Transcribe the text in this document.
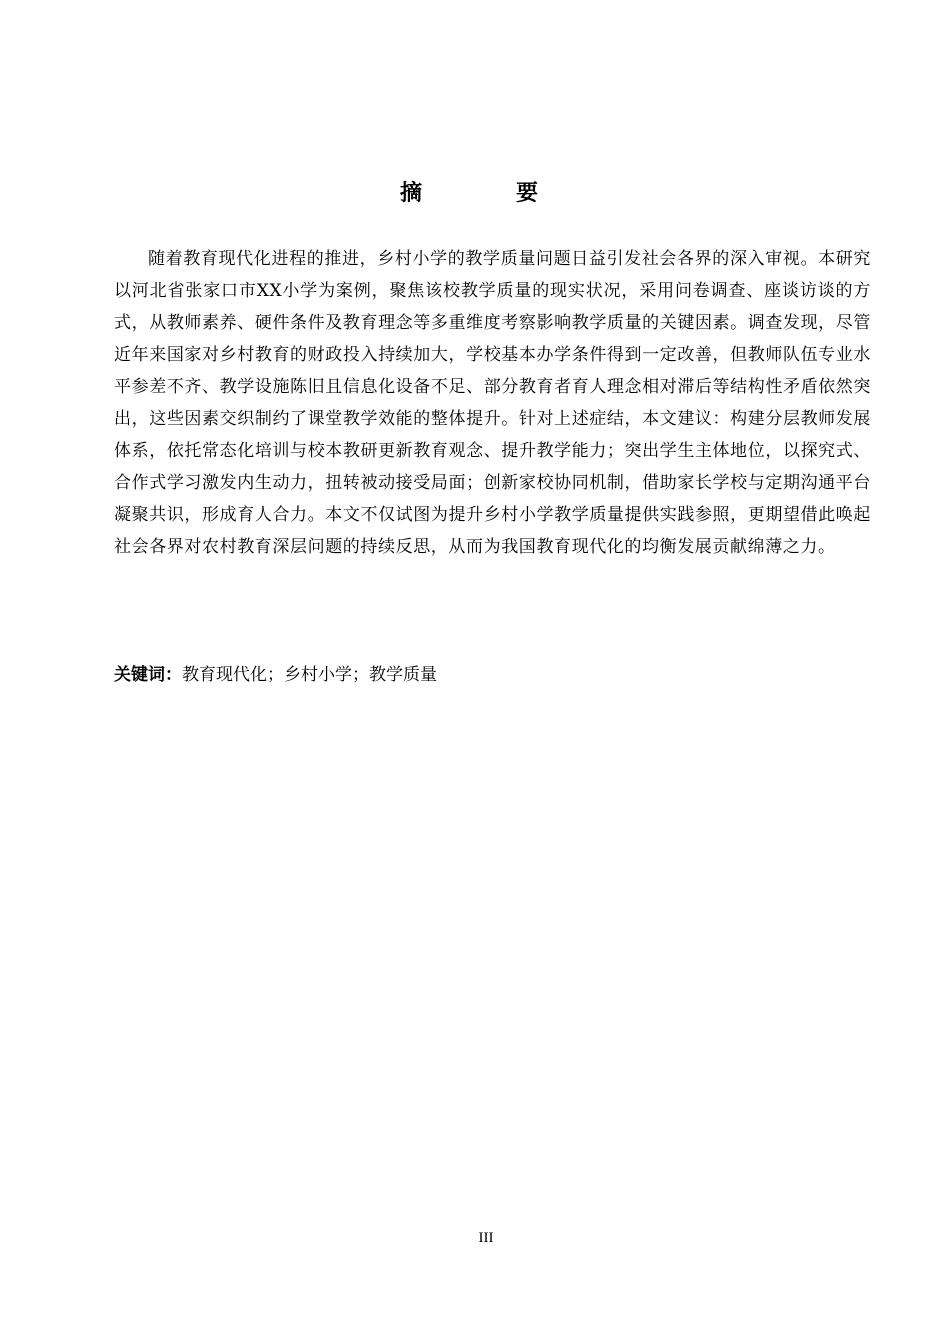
摘　要

随着教育现代化进程的推进，乡村小学的教学质量问题日益引发社会各界的深入审视。本研究以河北省张家口市XX小学为案例，聚焦该校教学质量的现实状况，采用问卷调查、座谈访谈的方式，从教师素养、硬件条件及教育理念等多重维度考察影响教学质量的关键因素。调查发现，尽管近年来国家对乡村教育的财政投入持续加大，学校基本办学条件得到一定改善，但教师队伍专业水平参差不齐、教学设施陈旧且信息化设备不足、部分教育者育人理念相对滞后等结构性矛盾依然突出，这些因素交织制约了课堂教学效能的整体提升。针对上述症结，本文建议：构建分层教师发展体系，依托常态化培训与校本教研更新教育观念、提升教学能力；突出学生主体地位，以探究式、合作式学习激发内生动力，扭转被动接受局面；创新家校协同机制，借助家长学校与定期沟通平台凝聚共识，形成育人合力。本文不仅试图为提升乡村小学教学质量提供实践参照，更期望借此唤起社会各界对农村教育深层问题的持续反思，从而为我国教育现代化的均衡发展贡献绵薄之力。

关键词：教育现代化；乡村小学；教学质量

III
